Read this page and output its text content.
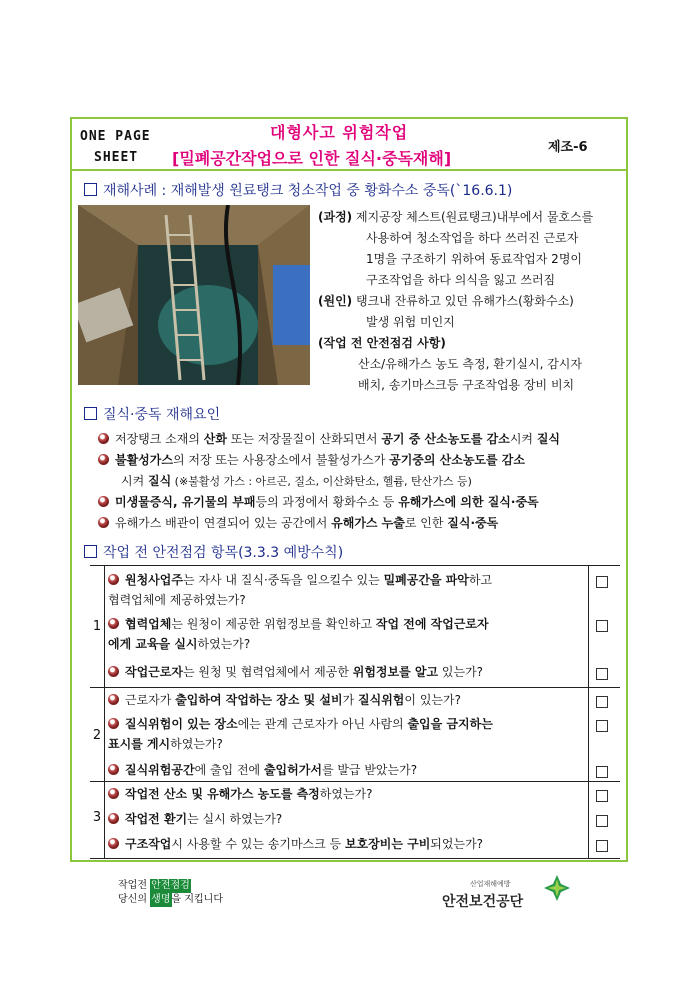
ONE PAGE
SHEET
대형사고 위험작업
[밀폐공간작업으로 인한 질식·중독재해]
제조-6
재해사례 : 재해발생 원료탱크 청소작업 중 황화수소 중독(`16.6.1)
(과정) 제지공장 체스트(원료탱크)내부에서 물호스를
사용하여 청소작업을 하다 쓰러진 근로자
1명을 구조하기 위하여 동료작업자 2명이
구조작업을 하다 의식을 잃고 쓰러짐
(원인) 탱크내 잔류하고 있던 유해가스(황화수소)
발생 위험 미인지
(작업 전 안전점검 사항)
산소/유해가스 농도 측정, 환기실시, 감시자
배치, 송기마스크등 구조작업용 장비 비치
질식·중독 재해요인
저장탱크 소재의 산화 또는 저장물질이 산화되면서 공기 중 산소농도를 감소시켜 질식
불활성가스의 저장 또는 사용장소에서 불활성가스가 공기중의 산소농도를 감소
시켜 질식 (※불활성 가스 : 아르곤, 질소, 이산화탄소, 헬륨, 탄산가스 등)
미생물증식, 유기물의 부패등의 과정에서 황화수소 등 유해가스에 의한 질식·중독
유해가스 배관이 연결되어 있는 공간에서 유해가스 누출로 인한 질식·중독
작업 전 안전점검 항목(3.3.3 예방수칙)
1
원청사업주는 자사 내 질식·중독을 일으킬수 있는 밀폐공간을 파악하고
협력업체에 제공하였는가?
협력업체는 원청이 제공한 위험정보를 확인하고 작업 전에 작업근로자
에게 교육을 실시하였는가?
작업근로자는 원청 및 협력업체에서 제공한 위험정보를 알고 있는가?
2
근로자가 출입하여 작업하는 장소 및 설비가 질식위험이 있는가?
질식위험이 있는 장소에는 관계 근로자가 아닌 사람의 출입을 금지하는
표시를 게시하였는가?
질식위험공간에 출입 전에 출입허가서를 발급 받았는가?
3
작업전 산소 및 유해가스 농도를 측정하였는가?
작업전 환기는 실시 하였는가?
구조작업시 사용할 수 있는 송기마스크 등 보호장비는 구비되었는가?
작업전 안전점검
당신의 생명을 지킵니다
산업재해예방
안전보건공단
